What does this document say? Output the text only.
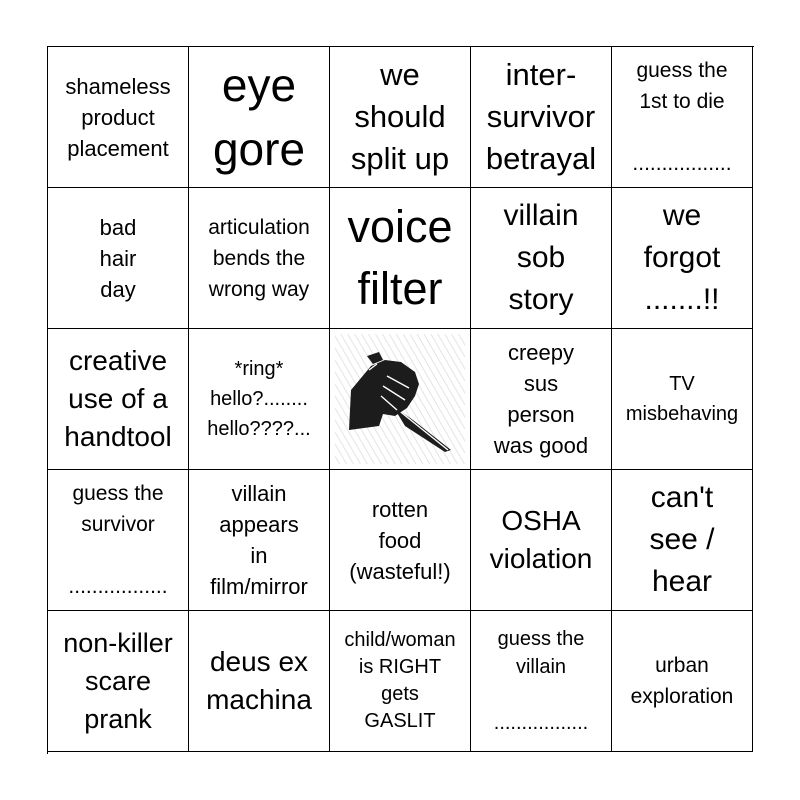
shameless
product
placement
eye
gore
we
should
split up
inter-
survivor
betrayal
guess the
1st to die

.................
bad
hair
day
articulation
bends the
wrong way
voice
filter
villain
sob
story
we
forgot
.......!!
creative
use of a
handtool
*ring*
hello?........
hello????...
creepy
sus
person
was good
TV
misbehaving
guess the
survivor

.................
villain
appears
in
film/mirror
rotten
food
(wasteful!)
OSHA
violation
can't
see /
hear
non-killer
scare
prank
deus ex
machina
child/woman
is RIGHT
gets
GASLIT
guess the
villain

.................
urban
exploration
